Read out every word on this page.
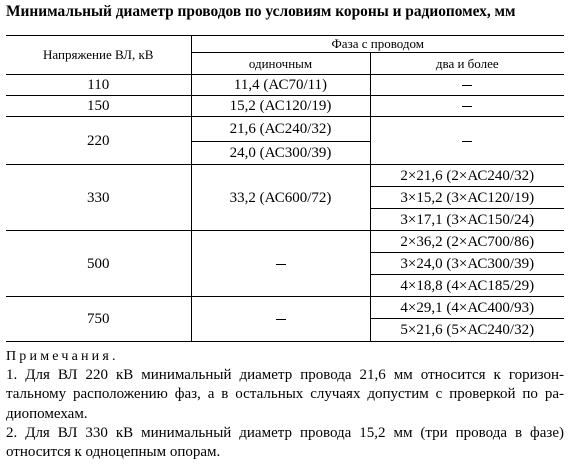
Минимальный диаметр проводов по условиям короны и радиопомех, мм
Напряжение ВЛ, кВ	Фаза с проводом	
	одиночным	два и более
110	11,4 (АС70/11)	
150	15,2 (АС120/19)	
220	21,6 (АС240/32)	
	24,0 (АС300/39)	
330	33,2 (АС600/72)	2×21,6 (2×АС240/32)
		3×15,2 (3×АС120/19)
		3×17,1 (3×АС150/24)
500		2×36,2 (2×АС700/86)
		3×24,0 (3×АС300/39)
		4×18,8 (4×АС185/29)
750		4×29,1 (4×АС400/93)
		5×21,6 (5×АС240/32)

Примечания.

1. Для ВЛ 220 кВ минимальный диаметр провода 21,6 мм относится к горизон-

тальному расположению фаз, а в остальных случаях допустим с проверкой по ра-

диопомехам.

2. Для ВЛ 330 кВ минимальный диаметр провода 15,2 мм (три провода в фазе)

относится к одноцепным опорам.
